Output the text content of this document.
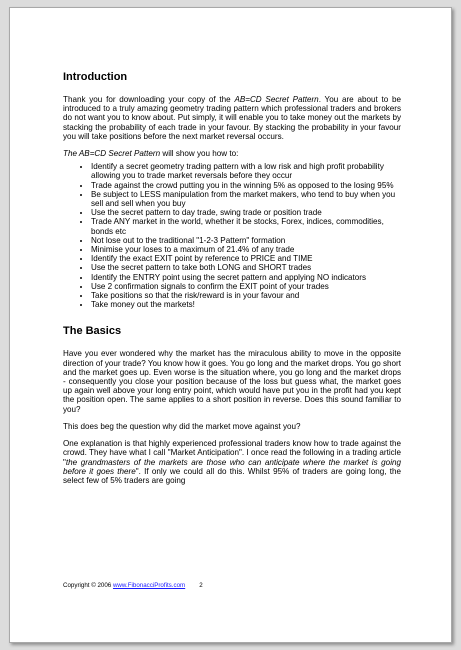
Introduction

Thank you for downloading your copy of the AB=CD Secret Pattern. You are about to be introduced to a truly amazing geometry trading pattern which professional traders and brokers do not want you to know about. Put simply, it will enable you to take money out the markets by stacking the probability of each trade in your favour. By stacking the probability in your favour you will take positions before the next market reversal occurs.

The AB=CD Secret Pattern will show you how to:

• Identify a secret geometry trading pattern with a low risk and high profit probability allowing you to trade market reversals before they occur
• Trade against the crowd putting you in the winning 5% as opposed to the losing 95%
• Be subject to LESS manipulation from the market makers, who tend to buy when you sell and sell when you buy
• Use the secret pattern to day trade, swing trade or position trade
• Trade ANY market in the world, whether it be stocks, Forex, indices, commodities, bonds etc
• Not lose out to the traditional "1-2-3 Pattern" formation
• Minimise your loses to a maximum of 21.4% of any trade
• Identify the exact EXIT point by reference to PRICE and TIME
• Use the secret pattern to take both LONG and SHORT trades
• Identify the ENTRY point using the secret pattern and applying NO indicators
• Use 2 confirmation signals to confirm the EXIT point of your trades
• Take positions so that the risk/reward is in your favour and
• Take money out the markets!
The Basics

Have you ever wondered why the market has the miraculous ability to move in the opposite direction of your trade? You know how it goes. You go long and the market drops. You go short and the market goes up. Even worse is the situation where, you go long and the market drops - consequently you close your position because of the loss but guess what, the market goes up again well above your long entry point, which would have put you in the profit had you kept the position open. The same applies to a short position in reverse. Does this sound familiar to you?

This does beg the question why did the market move against you?

One explanation is that highly experienced professional traders know how to trade against the crowd. They have what I call "Market Anticipation". I once read the following in a trading article "the grandmasters of the markets are those who can anticipate where the market is going before it goes there". If only we could all do this. Whilst 95% of traders are going long, the select few of 5% traders are going

Copyright © 2006 www.FibonacciProfits.com 2
